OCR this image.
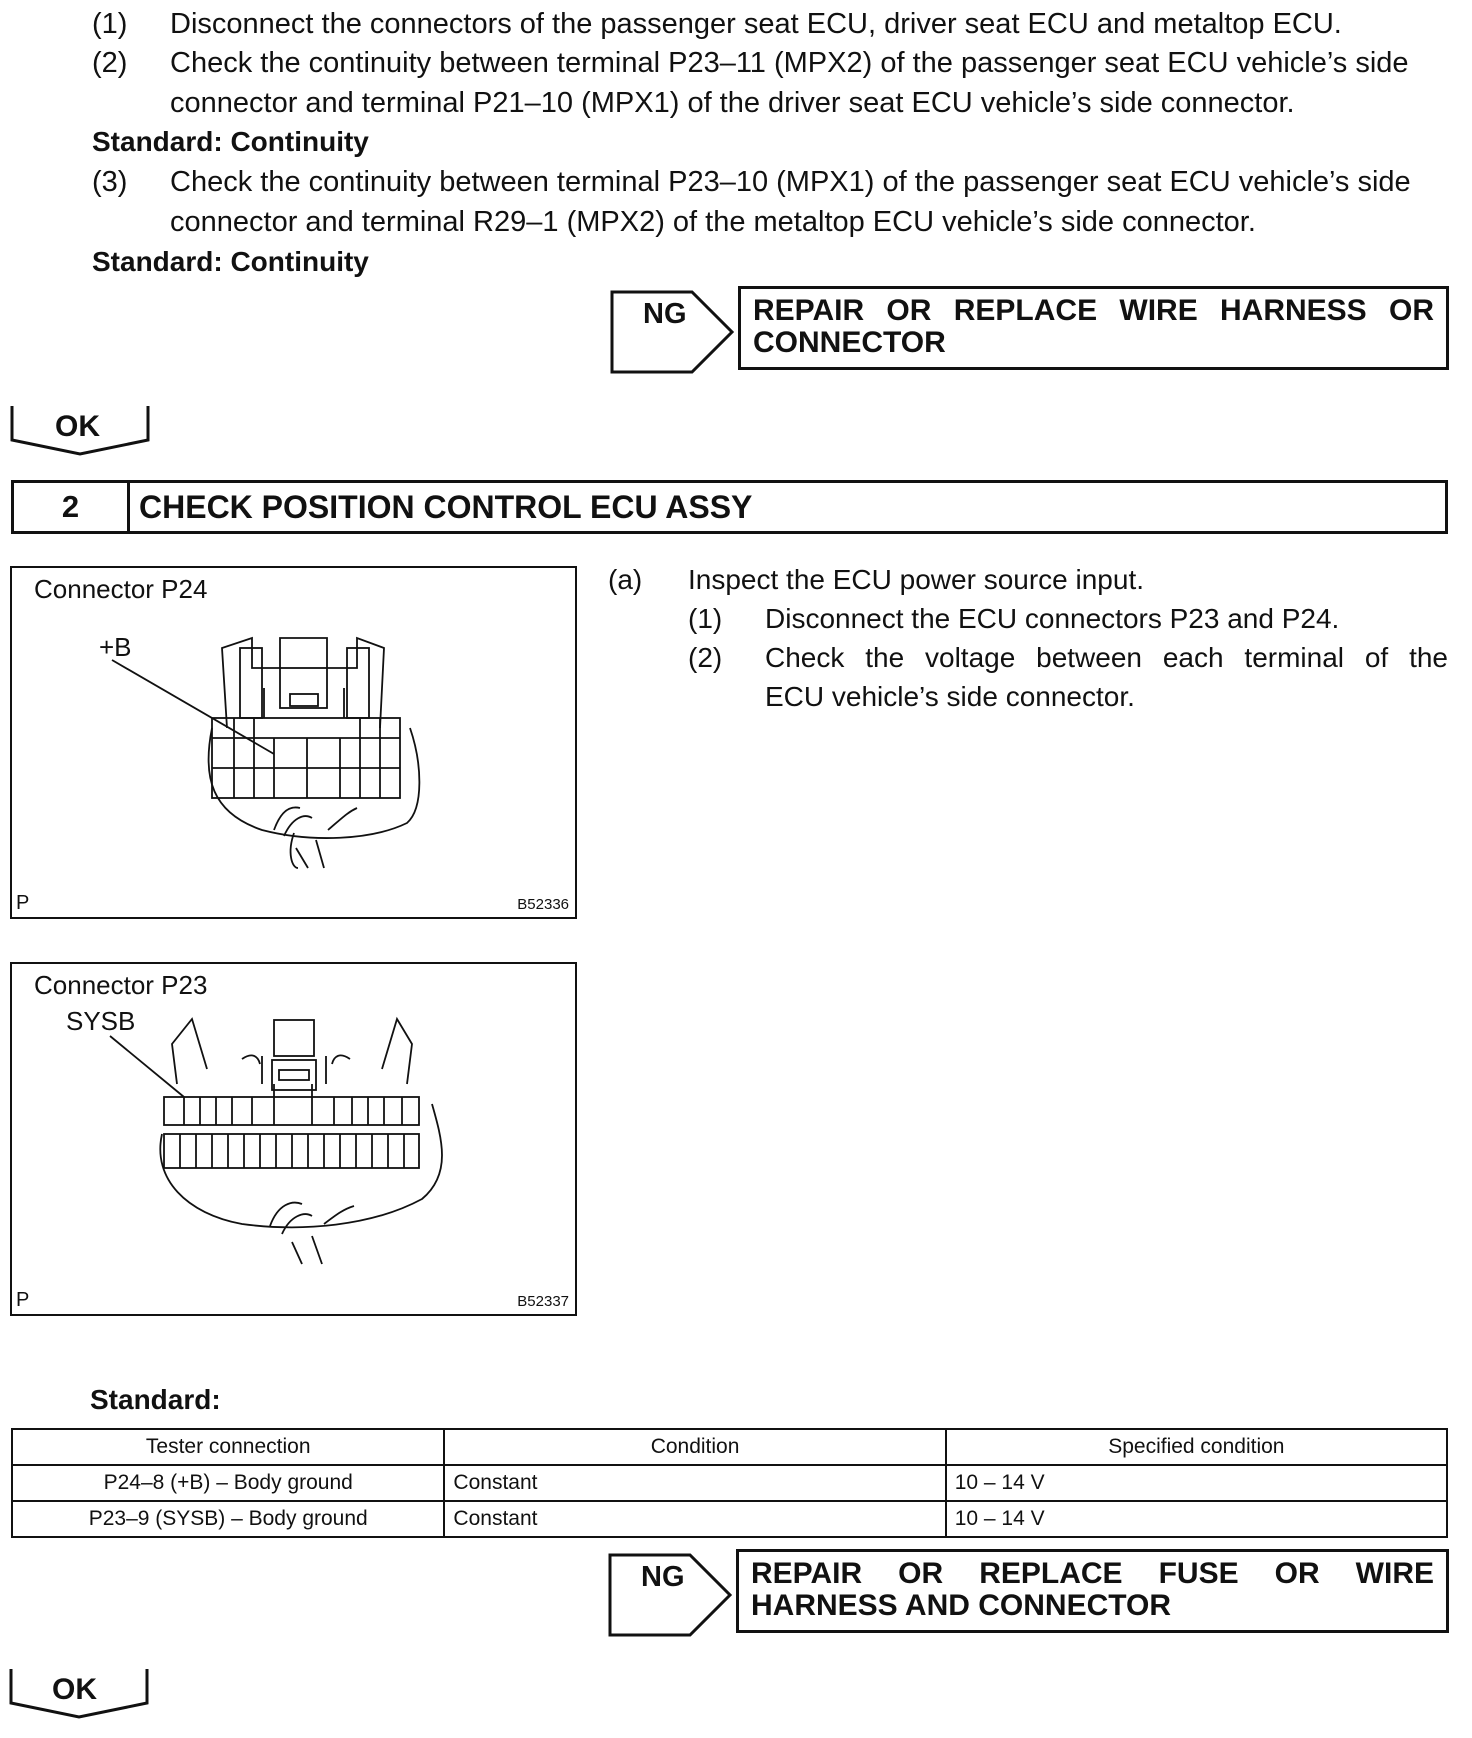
(1) Disconnect the connectors of the passenger seat ECU, driver seat ECU and metaltop ECU.
(2) Check the continuity between terminal P23–11 (MPX2) of the passenger seat ECU vehicle’s side
connector and terminal P21–10 (MPX1) of the driver seat ECU vehicle’s side connector.
Standard: Continuity
(3) Check the continuity between terminal P23–10 (MPX1) of the passenger seat ECU vehicle’s side
connector and terminal R29–1 (MPX2) of the metaltop ECU vehicle’s side connector.
Standard: Continuity
NG REPAIR OR REPLACE WIRE HARNESS OR
CONNECTOR
OK
2	CHECK POSITION CONTROL ECU ASSY
Connector P24
+B
P	B52336
Connector P23
SYSB
P	B52337
(a) Inspect the ECU power source input.
(1) Disconnect the ECU connectors P23 and P24.
(2) Check the voltage between each terminal of the
ECU vehicle’s side connector.
Standard:
Tester connection	Condition	Specified condition
P24–8 (+B) – Body ground	Constant	10 – 14 V
P23–9 (SYSB) – Body ground	Constant	10 – 14 V
NG REPAIR OR REPLACE FUSE OR WIRE
HARNESS AND CONNECTOR
OK
